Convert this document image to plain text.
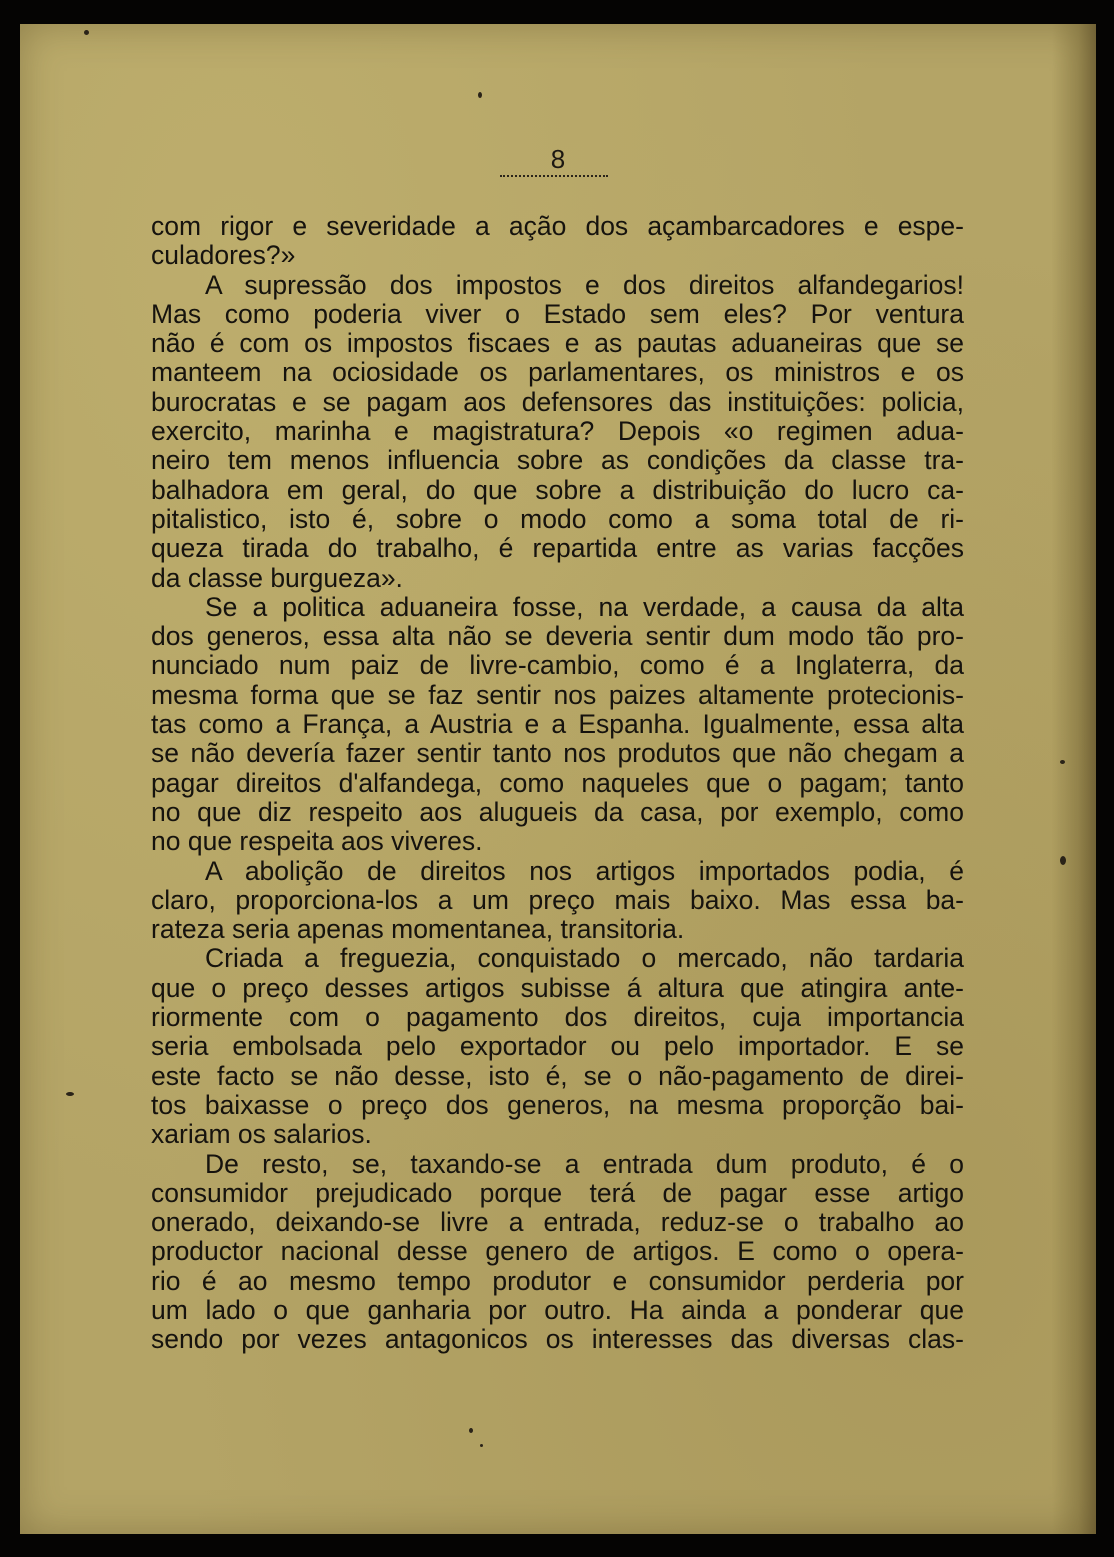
8
com rigor e severidade a ação dos açambarcadores e espe-
culadores?»
A supressão dos impostos e dos direitos alfandegarios!
Mas como poderia viver o Estado sem eles? Por ventura
não é com os impostos fiscaes e as pautas aduaneiras que se
manteem na ociosidade os parlamentares, os ministros e os
burocratas e se pagam aos defensores das instituições: policia,
exercito, marinha e magistratura? Depois «o regimen adua-
neiro tem menos influencia sobre as condições da classe tra-
balhadora em geral, do que sobre a distribuição do lucro ca-
pitalistico, isto é, sobre o modo como a soma total de ri-
queza tirada do trabalho, é repartida entre as varias facções
da classe burgueza».
Se a politica aduaneira fosse, na verdade, a causa da alta
dos generos, essa alta não se deveria sentir dum modo tão pro-
nunciado num paiz de livre-cambio, como é a Inglaterra, da
mesma forma que se faz sentir nos paizes altamente protecionis-
tas como a França, a Austria e a Espanha. Igualmente, essa alta
se não devería fazer sentir tanto nos produtos que não chegam a
pagar direitos d'alfandega, como naqueles que o pagam; tanto
no que diz respeito aos alugueis da casa, por exemplo, como
no que respeita aos viveres.
A abolição de direitos nos artigos importados podia, é
claro, proporciona-los a um preço mais baixo. Mas essa ba-
rateza seria apenas momentanea, transitoria.
Criada a freguezia, conquistado o mercado, não tardaria
que o preço desses artigos subisse á altura que atingira ante-
riormente com o pagamento dos direitos, cuja importancia
seria embolsada pelo exportador ou pelo importador. E se
este facto se não desse, isto é, se o não-pagamento de direi-
tos baixasse o preço dos generos, na mesma proporção bai-
xariam os salarios.
De resto, se, taxando-se a entrada dum produto, é o
consumidor prejudicado porque terá de pagar esse artigo
onerado, deixando-se livre a entrada, reduz-se o trabalho ao
productor nacional desse genero de artigos. E como o opera-
rio é ao mesmo tempo produtor e consumidor perderia por
um lado o que ganharia por outro. Ha ainda a ponderar que
sendo por vezes antagonicos os interesses das diversas clas-
